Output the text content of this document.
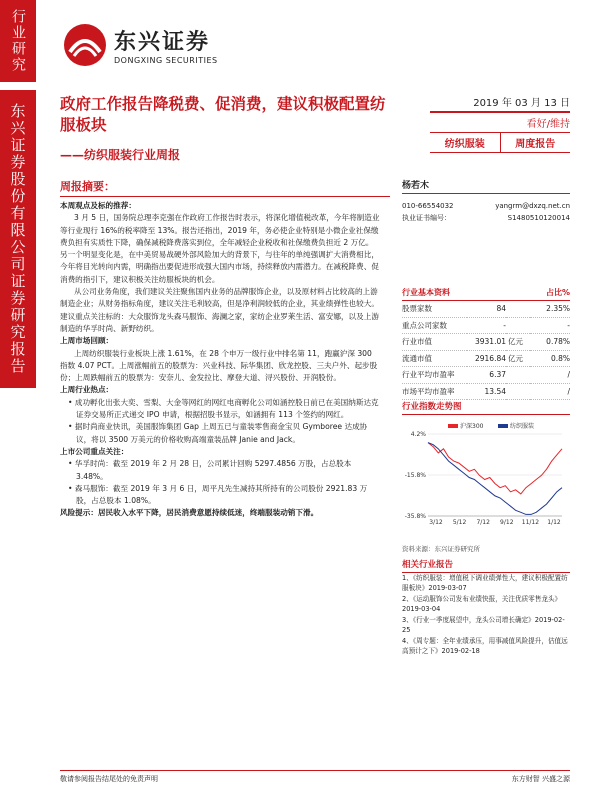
行业研究
东兴证券股份有限公司证券研究报告
东兴证券
DONGXING SECURITIES
政府工作报告降税费、促消费，建议积极配置纺服板块
——纺织服装行业周报
2019 年 03 月 13 日
看好/维持
纺织服装	周度报告
周报摘要：

本周观点及标的推荐：

3 月 5 日，国务院总理李克强在作政府工作报告时表示，将深化增值税改革，今年将制造业等行业现行 16%的税率降至 13%。报告还指出，2019 年，务必使企业特别是小微企业社保缴费负担有实质性下降，确保减税降费落实到位，全年减轻企业税收和社保缴费负担近 2 万亿。另一个明显变化是，在中美贸易战硬外部风险加大的背景下，与往年的单纯强调扩大消费相比，今年将目光转向内需，明确指出要促进形成强大国内市场，持续释放内需潜力。在减税降费、促消费的指引下，建议积极关注纺服板块的机会。

从公司业务角度，我们建议关注聚焦国内业务的品牌服饰企业，以及原材料占比较高的上游制造企业；从财务指标角度，建议关注毛利较高，但是净利润较低的企业，其业绩弹性也较大。建议重点关注标的：大众服饰龙头森马服饰、海澜之家，家纺企业罗莱生活、富安娜，以及上游制造的华孚时尚、新野纺织。

上周市场回顾：

上周纺织服装行业板块上涨 1.61%，在 28 个申万一级行业中排名第 11，跑赢沪深 300 指数 4.07 PCT。上周涨幅前五的股票为：兴业科技、际华集团、欣龙控股、三夫户外、起步股份；上周跌幅前五的股票为：安奈儿、金发拉比、摩登大道、浔兴股份、开润股份。

上周行业热点：

• 成功孵化出张大奕、雪梨、大金等网红的网红电商孵化公司如涵控股日前已在美国纳斯达克证券交易所正式递交 IPO 申请，根据招股书显示，如涵拥有 113 个签约的网红。

• 据时尚商业快讯，美国服饰集团 Gap 上周五已与童装零售商金宝贝 Gymboree 达成协议，将以 3500 万美元的价格收购高端童装品牌 Janie and Jack。

上市公司重点关注：

• 华孚时尚：截至 2019 年 2 月 28 日，公司累计回购 5297.4856 万股，占总股本 3.48%。

• 森马服饰：截至 2019 年 3 月 6 日，周平凡先生减持其所持有的公司股份 2921.83 万股，占总股本 1.08%。

风险提示：居民收入水平下降，居民消费意愿持续低迷，终端服装动销下滑。

杨若木
010-66554032	yangrm@dxzq.net.cn
执业证书编号：	S1480510120014
行业基本资料	占比%
股票家数	84		2.35%
重点公司家数	-		-
行业市值	3931.01	亿元	0.78%
流通市值	2916.84	亿元	0.8%
行业平均市盈率	6.37		/
市场平均市盈率	13.54		/
行业指数走势图
4.2%
-15.8%
-35.8%
3/12 5/12 7/12 9/12 11/12 1/12
沪深300	纺织服装
资料来源：东兴证券研究所
相关行业报告

1、《纺织服装：增值税下调业绩弹性大，建议积极配置纺服板块》2019-03-07

2、《运动服饰公司发布业绩快报，关注优质零售龙头》2019-03-04

3、《行业一季度展望中，龙头公司增长确定》2019-02-25

4、《周专题：全年业绩承压，用事减值风险提升，估值远高预计之下》2019-02-18

敬请参阅报告结尾处的免责声明	东方财智 兴盛之源
